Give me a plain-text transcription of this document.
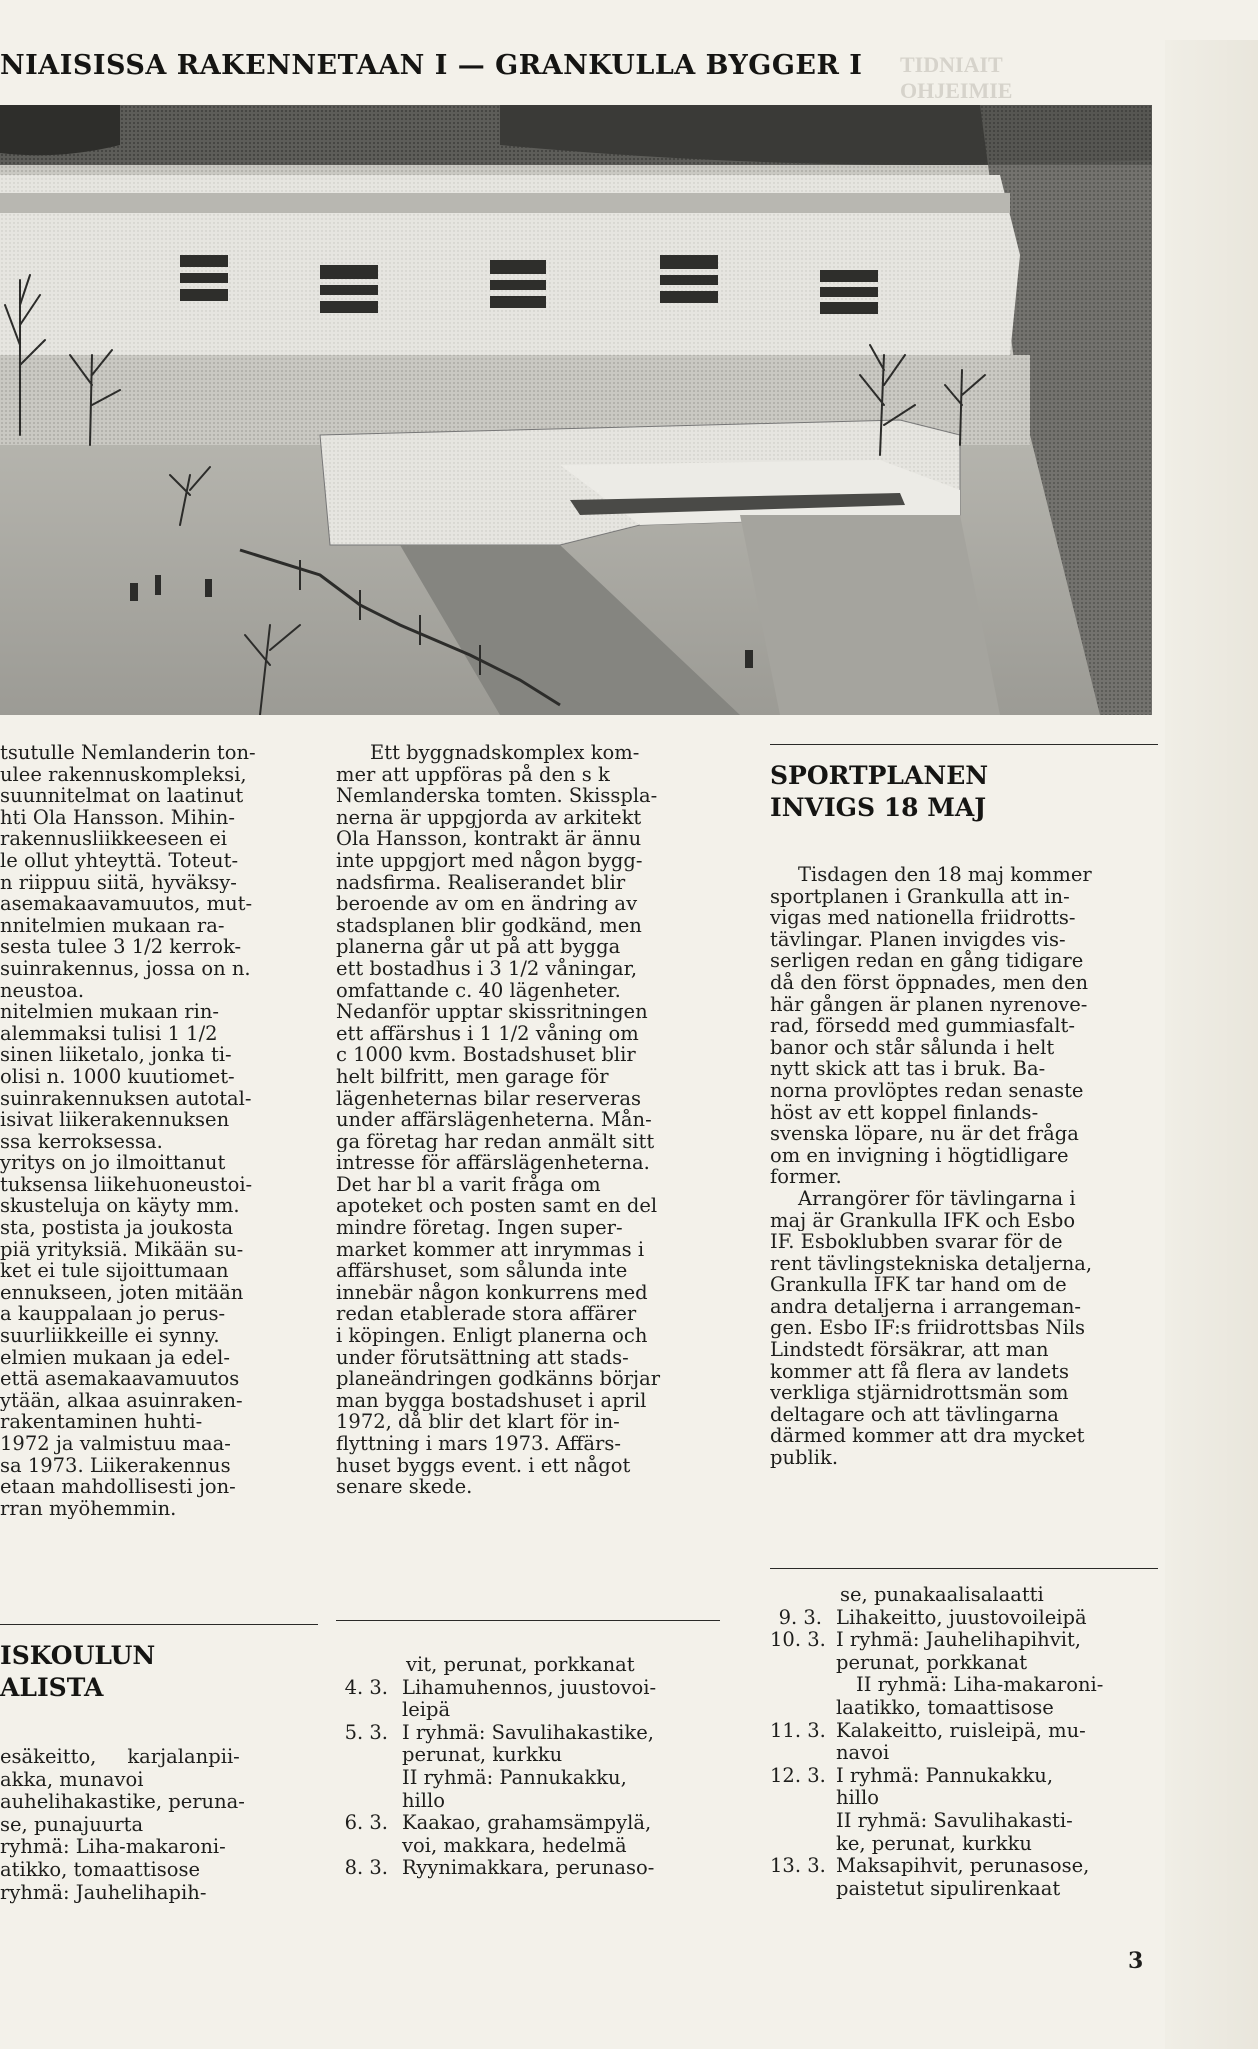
NIAISISSA RAKENNETAAN I — GRANKULLA BYGGER I	TIDNIAIT
OHJEIMIE

tsutulle Nemlanderin ton-
ulee rakennuskompleksi,
suunnitelmat on laatinut
hti Ola Hansson. Mihin-
rakennusliikkeeseen ei
le ollut yhteyttä. Toteut-
n riippuu siitä, hyväksy-
asemakaavamuutos, mut-
nnitelmien mukaan ra-
sesta tulee 3 1/2 kerrok-
suinrakennus, jossa on n.
neustoa.

nitelmien mukaan rin-
alemmaksi tulisi 1 1/2
sinen liiketalo, jonka ti-
olisi n. 1000 kuutiomet-
suinrakennuksen autotal-
isivat liikerakennuksen
ssa kerroksessa.

yritys on jo ilmoittanut
tuksensa liikehuoneustoi-
skusteluja on käyty mm.
sta, postista ja joukosta
piä yrityksiä. Mikään su-
ket ei tule sijoittumaan
ennukseen, joten mitään
a kauppalaan jo perus-
suurliikkeille ei synny.
elmien mukaan ja edel-
että asemakaavamuutos
ytään, alkaa asuinraken-
rakentaminen huhti-
1972 ja valmistuu maa-
sa 1973. Liikerakennus
etaan mahdollisesti jon-
rran myöhemmin.

ISKOULUN
ALISTA
esäkeitto,     karjalanpii-
akka, munavoi
auhelihakastike, peruna-
se, punajuurta
ryhmä: Liha-makaroni-
atikko, tomaattisose
ryhmä: Jauhelihapih-

Ett byggnadskomplex kom-

mer att uppföras på den s k
Nemlanderska tomten. Skisspla-
nerna är uppgjorda av arkitekt
Ola Hansson, kontrakt är ännu
inte uppgjort med någon bygg-
nadsfirma. Realiserandet blir
beroende av om en ändring av
stadsplanen blir godkänd, men
planerna går ut på att bygga
ett bostadhus i 3 1/2 våningar,
omfattande c. 40 lägenheter.

Nedanför upptar skissritningen
ett affärshus i 1 1/2 våning om
c 1000 kvm. Bostadshuset blir
helt bilfritt, men garage för
lägenheternas bilar reserveras
under affärslägenheterna. Mån-
ga företag har redan anmält sitt
intresse för affärslägenheterna.
Det har bl a varit fråga om
apoteket och posten samt en del
mindre företag. Ingen super-
market kommer att inrymmas i
affärshuset, som sålunda inte
innebär någon konkurrens med
redan etablerade stora affärer
i köpingen. Enligt planerna och
under förutsättning att stads-
planeändringen godkänns börjar
man bygga bostadshuset i april
1972, då blir det klart för in-
flyttning i mars 1973. Affärs-
huset byggs event. i ett något
senare skede.

vit, perunat, porkkanat
4. 3. Lihamuhennos, juustovoi-
leipä
5. 3. I ryhmä: Savulihakastike,
perunat, kurkku
II ryhmä: Pannukakku,
hillo
6. 3. Kaakao, grahamsämpylä,
voi, makkara, hedelmä
8. 3. Ryynimakkara, perunaso-
SPORTPLANEN
INVIGS 18 MAJ

Tisdagen den 18 maj kommer
sportplanen i Grankulla att in-
vigas med nationella friidrotts-
tävlingar. Planen invigdes vis-
serligen redan en gång tidigare
då den först öppnades, men den
här gången är planen nyrenove-
rad, försedd med gummiasfalt-
banor och står sålunda i helt
nytt skick att tas i bruk. Ba-
norna provlöptes redan senaste
höst av ett koppel finlands-
svenska löpare, nu är det fråga
om en invigning i högtidligare
former.

Arrangörer för tävlingarna i
maj är Grankulla IFK och Esbo
IF. Esboklubben svarar för de
rent tävlingstekniska detaljerna,
Grankulla IFK tar hand om de
andra detaljerna i arrangeman-
gen. Esbo IF:s friidrottsbas Nils
Lindstedt försäkrar, att man
kommer att få flera av landets
verkliga stjärnidrottsmän som
deltagare och att tävlingarna
därmed kommer att dra mycket
publik.

se, punakaalisalaatti
9. 3. Lihakeitto, juustovoileipä
10. 3. I ryhmä: Jauhelihapihvit,
perunat, porkkanat
II ryhmä: Liha-makaroni-
laatikko, tomaattisose
11. 3. Kalakeitto, ruisleipä, mu-
navoi
12. 3. I ryhmä: Pannukakku,
hillo
II ryhmä: Savulihakasti-
ke, perunat, kurkku
13. 3. Maksapihvit, perunasose,
paistetut sipulirenkaat
3
